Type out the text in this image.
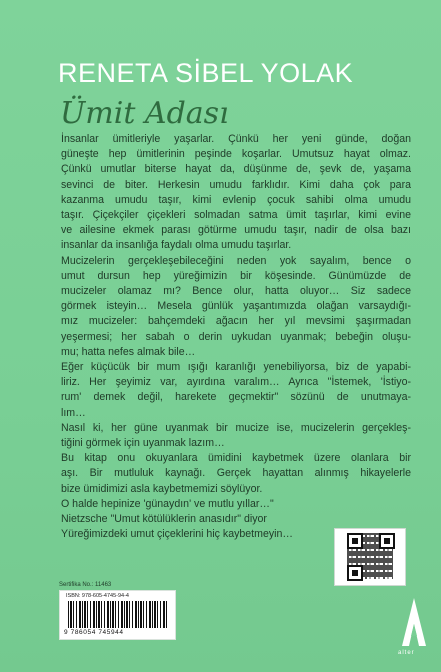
RENETA SİBEL YOLAK
Ümit Adası
İnsanlar ümitleriyle yaşarlar. Çünkü her yeni günde, doğan
güneşte hep ümitlerinin peşinde koşarlar. Umutsuz hayat olmaz.
Çünkü umutlar biterse hayat da, düşünme de, şevk de, yaşama
sevinci de biter. Herkesin umudu farklıdır. Kimi daha çok para
kazanma umudu taşır, kimi evlenip çocuk sahibi olma umudu
taşır. Çiçekçiler çiçekleri solmadan satma ümit taşırlar, kimi evine
ve ailesine ekmek parası götürme umudu taşır, nadir de olsa bazı
insanlar da insanlığa faydalı olma umudu taşırlar.
Mucizelerin gerçekleşebileceğini neden yok sayalım, bence o
umut dursun hep yüreğimizin bir köşesinde. Günümüzde de
mucizeler olamaz mı? Bence olur, hatta oluyor… Siz sadece
görmek isteyin… Mesela günlük yaşantımızda olağan varsaydığı-
mız mucizeler: bahçemdeki ağacın her yıl mevsimi şaşırmadan
yeşermesi; her sabah o derin uykudan uyanmak; bebeğin oluşu-
mu; hatta nefes almak bile…
Eğer küçücük bir mum ışığı karanlığı yenebiliyorsa, biz de yapabi-
liriz. Her şeyimiz var, ayırdına varalım… Ayrıca "İstemek, 'İstiyo-
rum' demek değil, harekete geçmektir" sözünü de unutmaya-
lım…
Nasıl ki, her güne uyanmak bir mucize ise, mucizelerin gerçekleş-
tiğini görmek için uyanmak lazım…
Bu kitap onu okuyanlara ümidini kaybetmek üzere olanlara bir
aşı. Bir mutluluk kaynağı. Gerçek hayattan alınmış hikayelerle
bize ümidimizi asla kaybetmemizi söylüyor.
O halde hepinize 'günaydın' ve mutlu yıllar…"
Nietzsche "Umut kötülüklerin anasıdır" diyor
Yüreğimizdeki umut çiçeklerini hiç kaybetmeyin…
Sertifika No.: 11463
ISBN: 978-605-4745-94-4
9 786054 745944
alter
